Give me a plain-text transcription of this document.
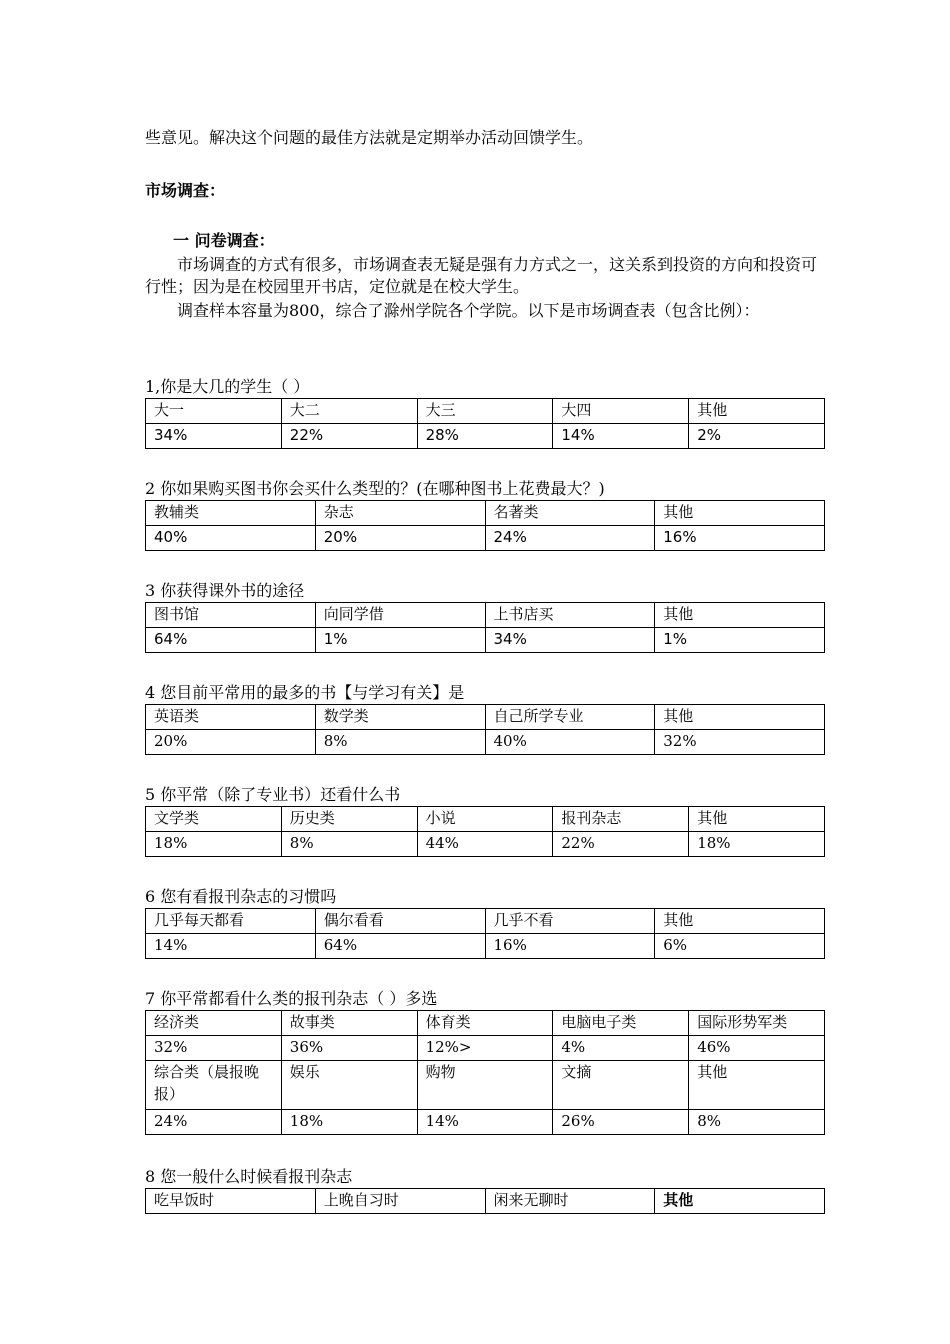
些意见。解决这个问题的最佳方法就是定期举办活动回馈学生。
市场调查：
一 问卷调查：
市场调查的方式有很多，市场调查表无疑是强有力方式之一，这关系到投资的方向和投资可行性；因为是在校园里开书店，定位就是在校大学生。
调查样本容量为800，综合了滁州学院各个学院。以下是市场调查表（包含比例）：
1,你是大几的学生（ ）
大一	大二	大三	大四	其他
34%	22%	28%	14%	2%
2 你如果购买图书你会买什么类型的？(在哪种图书上花费最大？)
教辅类	杂志	名著类	其他
40%	20%	24%	16%
3 你获得课外书的途径
图书馆	向同学借	上书店买	其他
64%	1%	34%	1%
4 您目前平常用的最多的书【与学习有关】是
英语类	数学类	自己所学专业	其他
20%	8%	40%	32%
5 你平常（除了专业书）还看什么书
文学类	历史类	小说	报刊杂志	其他
18%	8%	44%	22%	18%
6 您有看报刊杂志的习惯吗
几乎每天都看	偶尔看看	几乎不看	其他
14%	64%	16%	6%
7 你平常都看什么类的报刊杂志（ ）多选
经济类	故事类	体育类	电脑电子类	国际形势军类
32%	36%	12%>	4%	46%
综合类（晨报晚报）	娱乐	购物	文摘	其他
24%	18%	14%	26%	8%
8 您一般什么时候看报刊杂志
吃早饭时	上晚自习时	闲来无聊时	其他
